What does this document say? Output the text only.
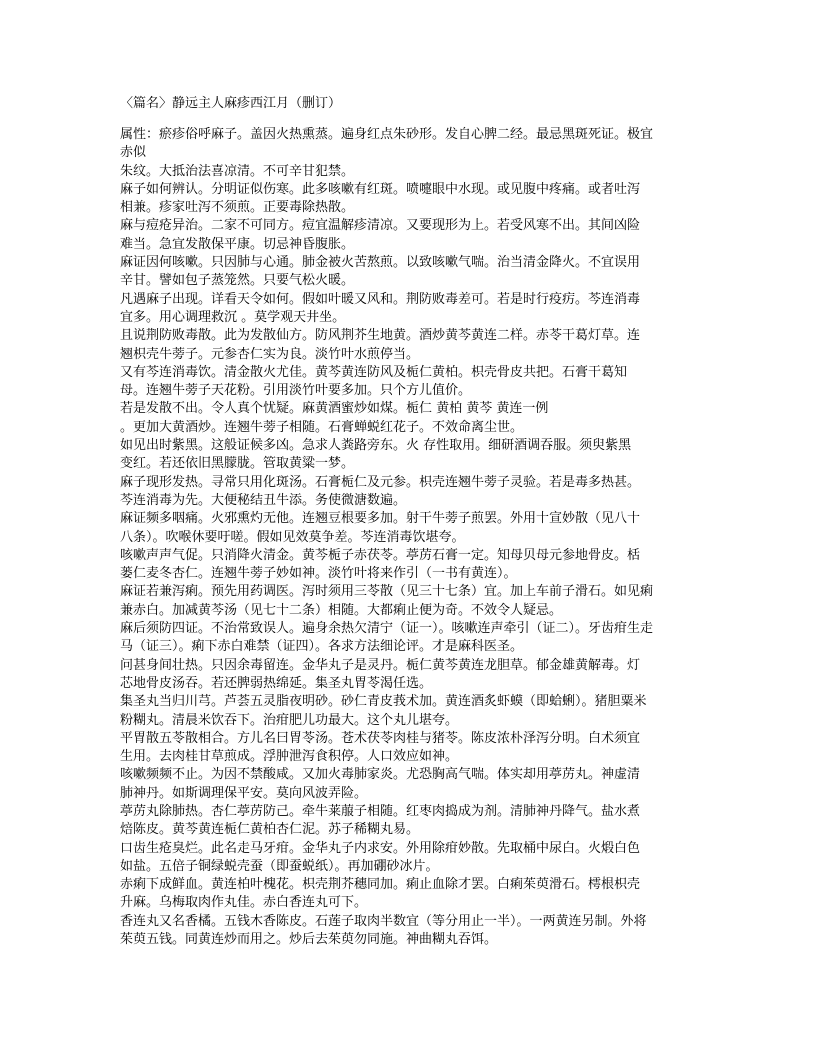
〈篇名〉静远主人麻疹西江月（删订）
属性：瘀疹俗呼麻子。盖因火热熏蒸。遍身红点朱砂形。发自心脾二经。最忌黑斑死证。极宜
赤似
朱纹。大抵治法喜凉清。不可辛甘犯禁。
麻子如何辨认。分明证似伤寒。此多咳嗽有红斑。喷嚏眼中水现。或见腹中疼痛。或者吐泻
相兼。疹家吐泻不须煎。正要毒除热散。
麻与痘疮异治。二家不可同方。痘宜温解疹清凉。又要现形为上。若受风寒不出。其间凶险
难当。急宜发散保平康。切忌神昏腹胀。
麻证因何咳嗽。只因肺与心通。肺金被火苦熬煎。以致咳嗽气喘。治当清金降火。不宜误用
辛甘。譬如包子蒸笼然。只要气松火暖。
凡遇麻子出现。详看天令如何。假如叶暖又风和。荆防败毒差可。若是时行疫疠。芩连消毒
宜多。用心调理救沉 。莫学观天井坐。
且说荆防败毒散。此为发散仙方。防风荆芥生地黄。酒炒黄芩黄连二样。赤苓干葛灯草。连
翘枳壳牛蒡子。元参杏仁实为良。淡竹叶水煎停当。
又有芩连消毒饮。清金散火尤佳。黄芩黄连防风及栀仁黄柏。枳壳骨皮共把。石膏干葛知
母。连翘牛蒡子天花粉。引用淡竹叶要多加。只个方儿值价。
若是发散不出。令人真个忧疑。麻黄酒蜜炒如煤。栀仁 黄柏 黄芩 黄连一例
。更加大黄酒炒。连翘牛蒡子相随。石膏蝉蜕红花子。不效命离尘世。
如见出时紫黑。这般证候多凶。急求人粪路旁东。火 存性取用。细研酒调吞服。须臾紫黑
变红。若还依旧黑朦胧。管取黄粱一梦。
麻子现形发热。寻常只用化斑汤。石膏栀仁及元参。枳壳连翘牛蒡子灵验。若是毒多热甚。
芩连消毒为先。大便秘结丑牛添。务使微溏数遍。
麻证频多咽痛。火邪熏灼无他。连翘豆根要多加。射干牛蒡子煎罢。外用十宣妙散（见八十
八条）。吹喉休要吁嗟。假如见效莫争差。芩连消毒饮堪夸。
咳嗽声声气促。只消降火清金。黄芩栀子赤茯苓。葶苈石膏一定。知母贝母元参地骨皮。栝
蒌仁麦冬杏仁。连翘牛蒡子妙如神。淡竹叶将来作引（一书有黄连）。
麻证若兼泻痢。预先用药调医。泻时须用三苓散（见三十七条）宜。加上车前子滑石。如见痢
兼赤白。加减黄芩汤（见七十二条）相随。大都痢止便为奇。不效令人疑忌。
麻后须防四证。不治常致误人。遍身余热欠清宁（证一）。咳嗽连声牵引（证二）。牙齿疳生走
马（证三）。痢下赤白难禁（证四）。各求方法细论评。才是麻科医圣。
问甚身间壮热。只因余毒留连。金华丸子是灵丹。栀仁黄芩黄连龙胆草。郁金雄黄解毒。灯
芯地骨皮汤吞。若还脾弱热绵延。集圣丸胃苓渴任选。
集圣丸当归川芎。芦荟五灵脂夜明砂。砂仁青皮莪术加。黄连酒炙虾蟆（即蛤蜊）。猪胆粟米
粉糊丸。清晨米饮吞下。治疳肥儿功最大。这个丸儿堪夸。
平胃散五苓散相合。方儿名曰胃苓汤。苍术茯苓肉桂与猪苓。陈皮浓朴泽泻分明。白术须宜
生用。去肉桂甘草煎成。浮肿泄泻食积停。人口效应如神。
咳嗽频频不止。为因不禁酸咸。又加火毒肺家炎。尤恐胸高气喘。体实却用葶苈丸。神虚清
肺神丹。如斯调理保平安。莫向风波弄险。
葶苈丸除肺热。杏仁葶苈防己。牵牛莱菔子相随。红枣肉捣成为剂。清肺神丹降气。盐水煮
焙陈皮。黄芩黄连栀仁黄柏杏仁泥。苏子稀糊丸易。
口齿生疮臭烂。此名走马牙疳。金华丸子内求安。外用除疳妙散。先取桶中尿白。火煅白色
如盐。五倍子铜绿蜕壳蚕（即蚕蜕纸）。再加硼砂冰片。
赤痢下成鲜血。黄连柏叶槐花。枳壳荆芥穗同加。痢止血除才罢。白痢茱萸滑石。樗根枳壳
升麻。乌梅取肉作丸佳。赤白香连丸可下。
香连丸又名香橘。五钱木香陈皮。石莲子取肉半数宜（等分用止一半）。一两黄连另制。外将
茱萸五钱。同黄连炒而用之。炒后去茱萸勿同施。神曲糊丸吞饵。
